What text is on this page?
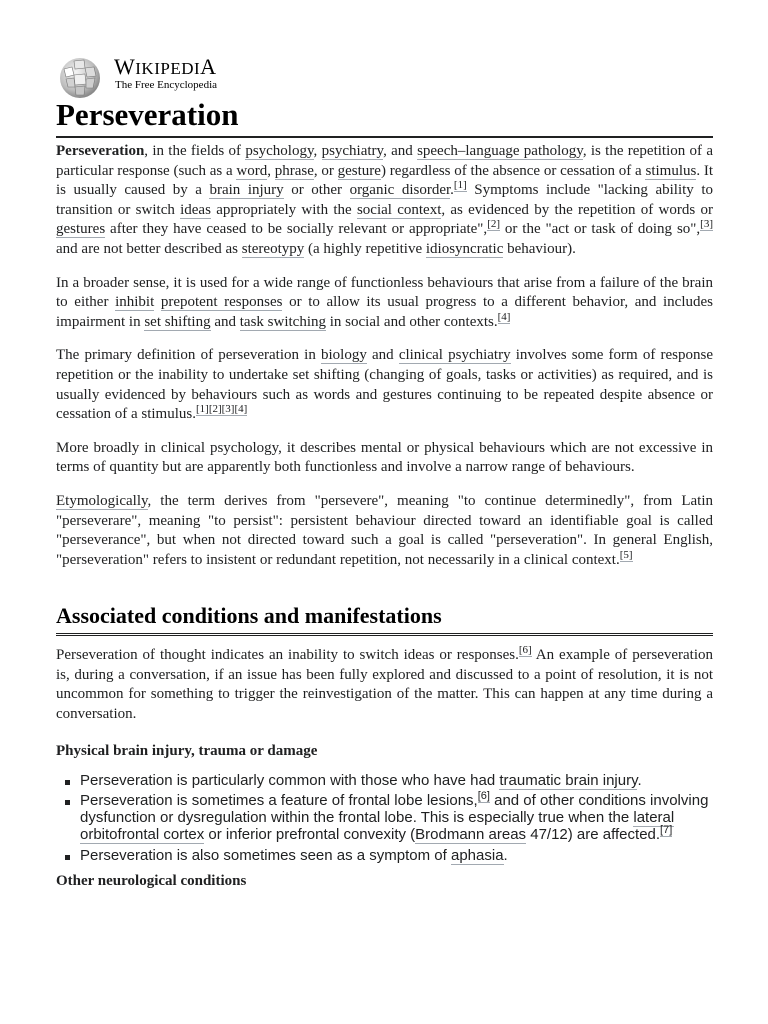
WIKIPEDIA
The Free Encyclopedia
Perseveration

Perseveration, in the fields of psychology, psychiatry, and speech–language pathology, is the repetition of a particular response (such as a word, phrase, or gesture) regardless of the absence or cessation of a stimulus. It is usually caused by a brain injury or other organic disorder.[1] Symptoms include "lacking ability to transition or switch ideas appropriately with the social context, as evidenced by the repetition of words or gestures after they have ceased to be socially relevant or appropriate",[2] or the "act or task of doing so",[3] and are not better described as stereotypy (a highly repetitive idiosyncratic behaviour).

In a broader sense, it is used for a wide range of functionless behaviours that arise from a failure of the brain to either inhibit prepotent responses or to allow its usual progress to a different behavior, and includes impairment in set shifting and task switching in social and other contexts.[4]

The primary definition of perseveration in biology and clinical psychiatry involves some form of response repetition or the inability to undertake set shifting (changing of goals, tasks or activities) as required, and is usually evidenced by behaviours such as words and gestures continuing to be repeated despite absence or cessation of a stimulus.[1][2][3][4]

More broadly in clinical psychology, it describes mental or physical behaviours which are not excessive in terms of quantity but are apparently both functionless and involve a narrow range of behaviours.

Etymologically, the term derives from "persevere", meaning "to continue determinedly", from Latin "perseverare", meaning "to persist": persistent behaviour directed toward an identifiable goal is called "perseverance", but when not directed toward such a goal is called "perseveration". In general English, "perseveration" refers to insistent or redundant repetition, not necessarily in a clinical context.[5]

Associated conditions and manifestations

Perseveration of thought indicates an inability to switch ideas or responses.[6] An example of perseveration is, during a conversation, if an issue has been fully explored and discussed to a point of resolution, it is not uncommon for something to trigger the reinvestigation of the matter. This can happen at any time during a conversation.

Physical brain injury, trauma or damage
Perseveration is particularly common with those who have had traumatic brain injury.
Perseveration is sometimes a feature of frontal lobe lesions,[6] and of other conditions involving dysfunction or dysregulation within the frontal lobe. This is especially true when the lateral orbitofrontal cortex or inferior prefrontal convexity (Brodmann areas 47/12) are affected.[7]
Perseveration is also sometimes seen as a symptom of aphasia.
Other neurological conditions
